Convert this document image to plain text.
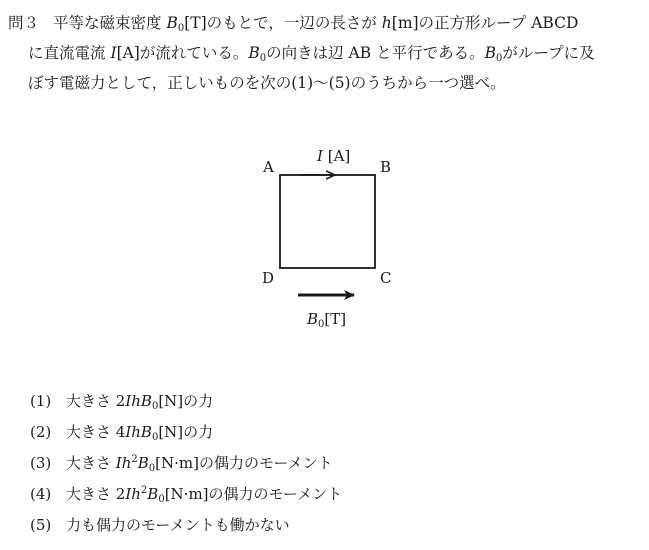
問３ 平等な磁束密度 $B_0[T]$のもとで，一辺の長さが h[m]の正方形ループ ABCD
に直流電流 I[A]が流れている。$B_0$の向きは辺 AB と平行である。$B_0$がループに及
ぼす電磁力として，正しいものを次の(1)～(5)のうちから一つ選べ。
A	B
C
D
I [A]
$B_0[T]$
(1) 大きさ 2IhB$_0$[N]の力
(2) 大きさ 4IhB$_0$[N]の力
(3) 大きさ $Ih^2B_0[N\cdot m]$の偶力のモーメント
(4) 大きさ $2Ih^2B_0[N\cdot m]$の偶力のモーメント
(5) 力も偶力のモーメントも働かない
